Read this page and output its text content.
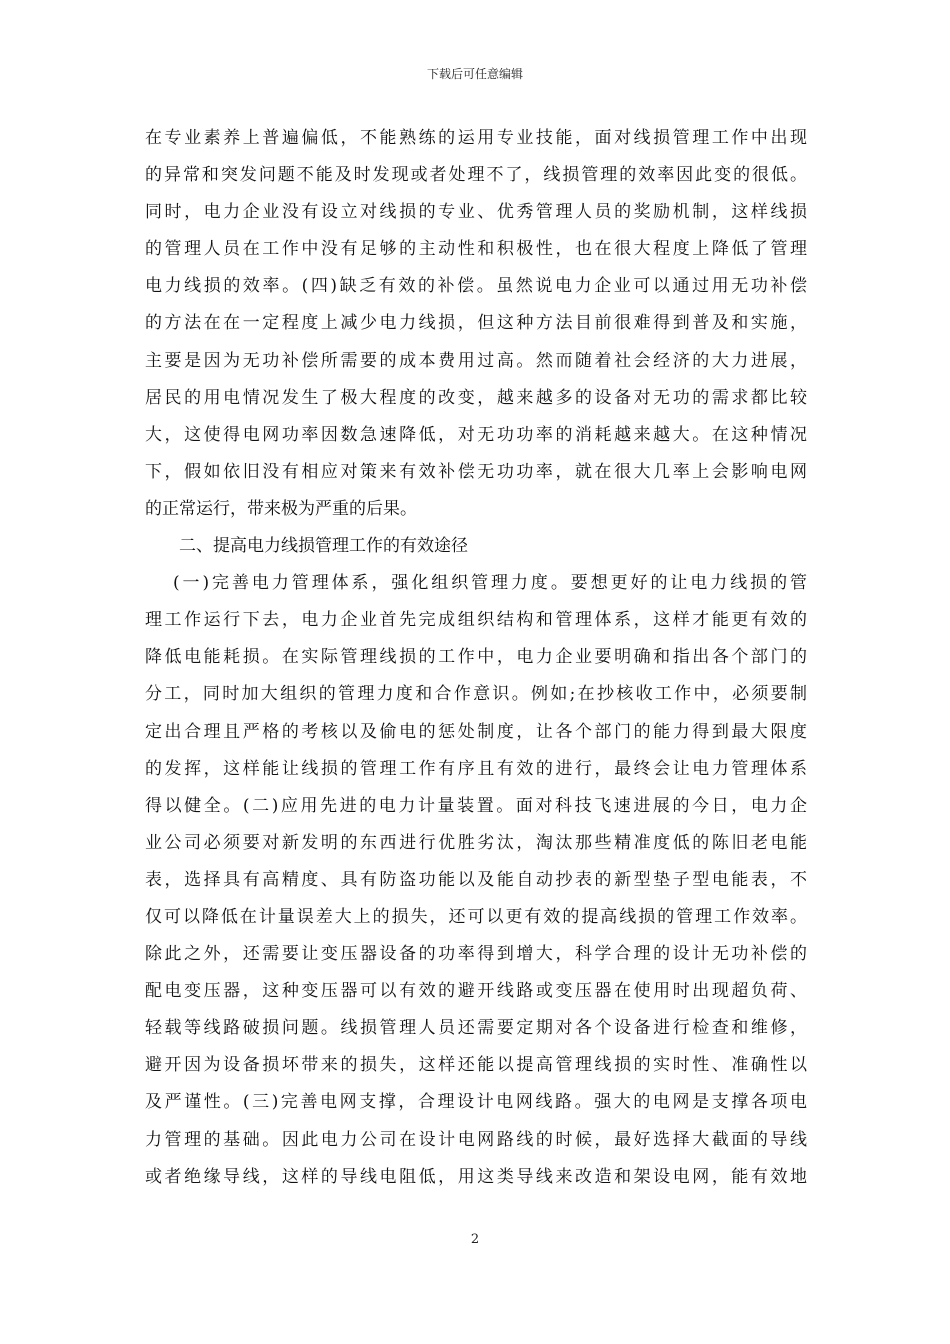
下载后可任意编辑
在专业素养上普遍偏低，不能熟练的运用专业技能，面对线损管理工作中出现
的异常和突发问题不能及时发现或者处理不了，线损管理的效率因此变的很低。
同时，电力企业没有设立对线损的专业、优秀管理人员的奖励机制，这样线损
的管理人员在工作中没有足够的主动性和积极性，也在很大程度上降低了管理
电力线损的效率。(四)缺乏有效的补偿。虽然说电力企业可以通过用无功补偿
的方法在在一定程度上减少电力线损，但这种方法目前很难得到普及和实施，
主要是因为无功补偿所需要的成本费用过高。然而随着社会经济的大力进展，
居民的用电情况发生了极大程度的改变，越来越多的设备对无功的需求都比较
大，这使得电网功率因数急速降低，对无功功率的消耗越来越大。在这种情况
下，假如依旧没有相应对策来有效补偿无功功率，就在很大几率上会影响电网
的正常运行，带来极为严重的后果。
二、提高电力线损管理工作的有效途径
(一)完善电力管理体系，强化组织管理力度。要想更好的让电力线损的管
理工作运行下去，电力企业首先完成组织结构和管理体系，这样才能更有效的
降低电能耗损。在实际管理线损的工作中，电力企业要明确和指出各个部门的
分工，同时加大组织的管理力度和合作意识。例如;在抄核收工作中，必须要制
定出合理且严格的考核以及偷电的惩处制度，让各个部门的能力得到最大限度
的发挥，这样能让线损的管理工作有序且有效的进行，最终会让电力管理体系
得以健全。(二)应用先进的电力计量装置。面对科技飞速进展的今日，电力企
业公司必须要对新发明的东西进行优胜劣汰，淘汰那些精准度低的陈旧老电能
表，选择具有高精度、具有防盗功能以及能自动抄表的新型垫子型电能表，不
仅可以降低在计量误差大上的损失，还可以更有效的提高线损的管理工作效率。
除此之外，还需要让变压器设备的功率得到增大，科学合理的设计无功补偿的
配电变压器，这种变压器可以有效的避开线路或变压器在使用时出现超负荷、
轻载等线路破损问题。线损管理人员还需要定期对各个设备进行检查和维修，
避开因为设备损坏带来的损失，这样还能以提高管理线损的实时性、准确性以
及严谨性。(三)完善电网支撑，合理设计电网线路。强大的电网是支撑各项电
力管理的基础。因此电力公司在设计电网路线的时候，最好选择大截面的导线
或者绝缘导线，这样的导线电阻低，用这类导线来改造和架设电网，能有效地
2
